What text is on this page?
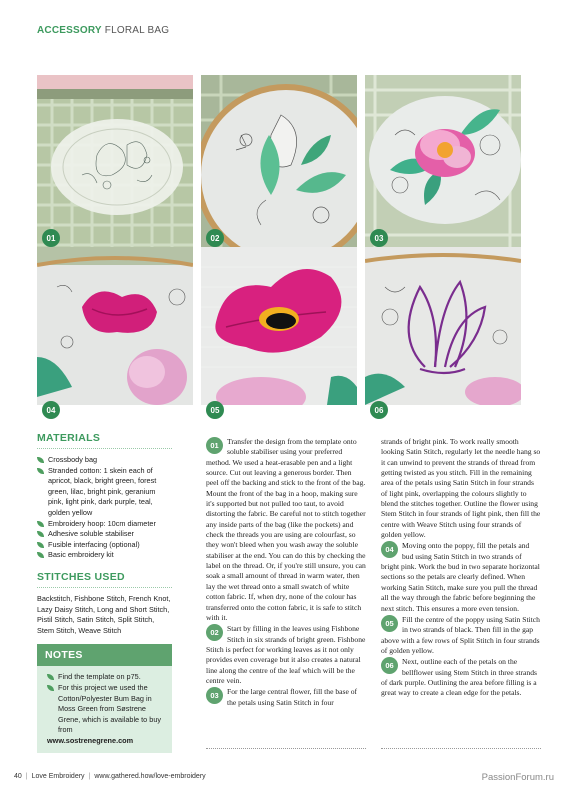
ACCESSORY FLORAL BAG
01	02	03
04	05	06
MATERIALS
Crossbody bag
Stranded cotton: 1 skein each of apricot, black, bright green, forest green, lilac, bright pink, geranium pink, light pink, dark purple, teal, golden yellow
Embroidery hoop: 10cm diameter
Adhesive soluble stabiliser
Fusible interfacing (optional)
Basic embroidery kit
STITCHES USED
Backstitch, Fishbone Stitch, French Knot, Lazy Daisy Stitch, Long and Short Stitch, Pistil Stitch, Satin Stitch, Split Stitch, Stem Stitch, Weave Stitch
NOTES
Find the template on p75.
For this project we used the Cotton/Polyester Bum Bag in Moss Green from Søstrene Grene, which is available to buy from
www.sostrenegrene.com
01	Transfer the design from the template onto soluble stabiliser using your preferred method. We used a heat-erasable pen and a light source. Cut out leaving a generous border. Then peel off the backing and stick to the front of the bag. Mount the front of the bag in a hoop, making sure it's supported but not pulled too taut, to avoid distorting the fabric. Be careful not to stitch together any inside parts of the bag (like the pockets) and check the threads you are using are colourfast, so they won't bleed when you wash away the soluble stabiliser at the end. You can do this by checking the label on the thread. Or, if you're still unsure, you can soak a small amount of thread in warm water, then lay the wet thread onto a small swatch of white cotton fabric. If, when dry, none of the colour has transferred onto the cotton fabric, it is safe to stitch with it.
02	Start by filling in the leaves using Fishbone Stitch in six strands of bright green. Fishbone Stitch is perfect for working leaves as it not only provides even coverage but it also creates a natural line along the centre of the leaf which will be the centre vein.
03	For the large central flower, fill the base of the petals using Satin Stitch in four
strands of bright pink. To work really smooth looking Satin Stitch, regularly let the needle hang so it can unwind to prevent the strands of thread from getting twisted as you stitch. Fill in the remaining area of the petals using Satin Stitch in four strands of light pink, overlapping the colours slightly to blend the stitches together. Outline the flower using Stem Stitch in four strands of light pink, then fill the centre with Weave Stitch using four strands of golden yellow.
04	Moving onto the poppy, fill the petals and bud using Satin Stitch in two strands of bright pink. Work the bud in two separate horizontal sections so the petals are clearly defined. When working Satin Stitch, make sure you pull the thread all the way through the fabric before beginning the next stitch. This ensures a more even tension.
05	Fill the centre of the poppy using Satin Stitch in two strands of black. Then fill in the gap above with a few rows of Split Stitch in four strands of golden yellow.
06	Next, outline each of the petals on the bellflower using Stem Stitch in three strands of dark purple. Outlining the area before filling is a great way to create a clean edge for the petals.
40 | Love Embroidery | www.gathered.how/love-embroidery	PassionForum.ru
